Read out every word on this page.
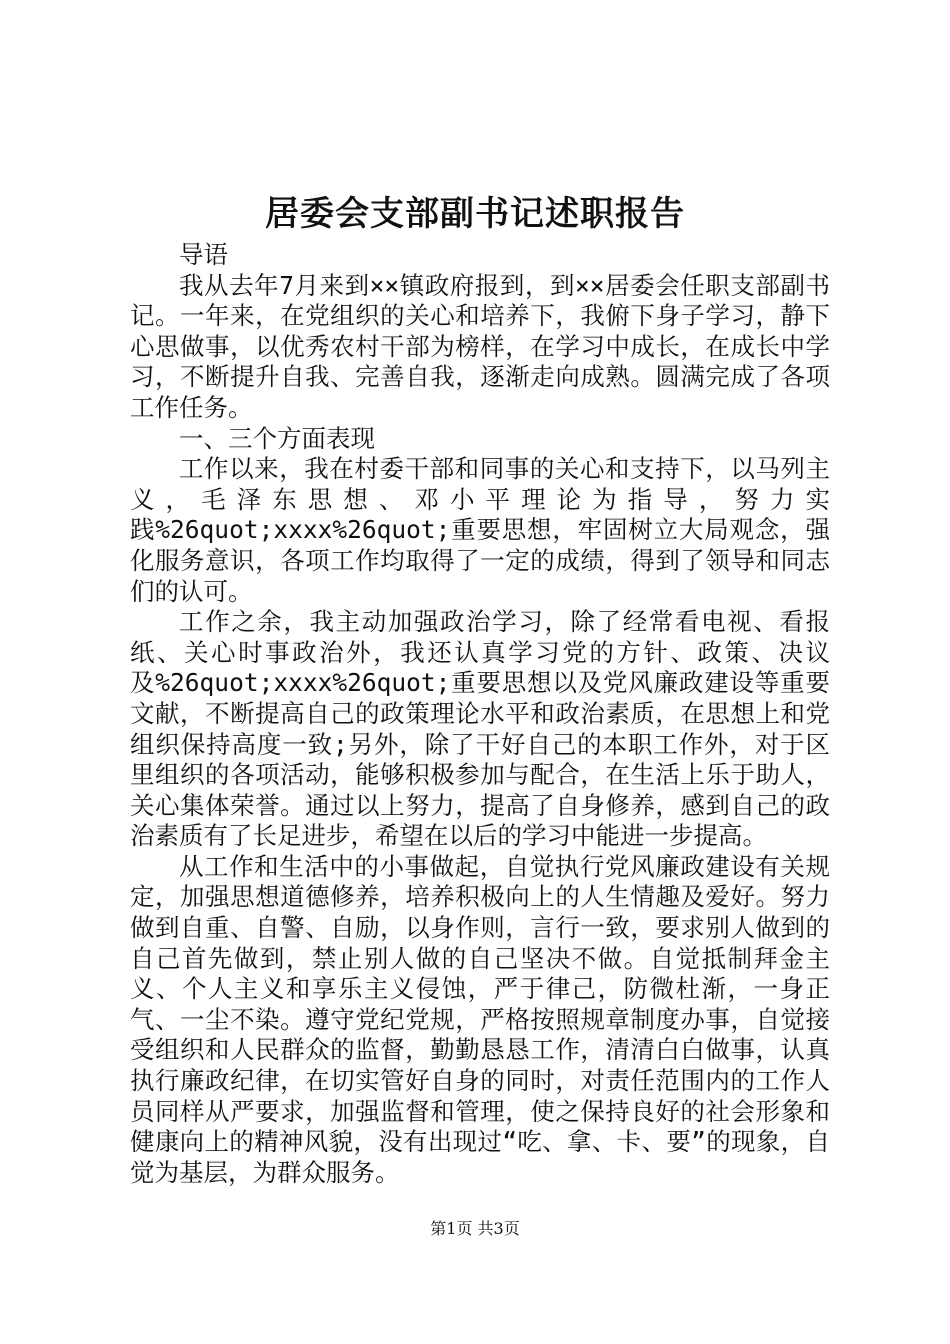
居委会支部副书记述职报告

导语

我从去年7月来到××镇政府报到，到××居委会任职支部副书记。一年来，在党组织的关心和培养下，我俯下身子学习，静下心思做事，以优秀农村干部为榜样，在学习中成长，在成长中学习，不断提升自我、完善自我，逐渐走向成熟。圆满完成了各项工作任务。

一、三个方面表现

工作以来，我在村委干部和同事的关心和支持下，以马列主义，毛泽东思想、邓小平理论为指导，努力实践%26quot;xxxx%26quot;重要思想，牢固树立大局观念，强化服务意识，各项工作均取得了一定的成绩，得到了领导和同志们的认可。

工作之余，我主动加强政治学习，除了经常看电视、看报纸、关心时事政治外，我还认真学习党的方针、政策、决议及%26quot;xxxx%26quot;重要思想以及党风廉政建设等重要文献，不断提高自己的政策理论水平和政治素质，在思想上和党组织保持高度一致;另外，除了干好自己的本职工作外，对于区里组织的各项活动，能够积极参加与配合，在生活上乐于助人，关心集体荣誉。通过以上努力，提高了自身修养，感到自己的政治素质有了长足进步，希望在以后的学习中能进一步提高。

从工作和生活中的小事做起，自觉执行党风廉政建设有关规定，加强思想道德修养，培养积极向上的人生情趣及爱好。努力做到自重、自警、自励，以身作则，言行一致，要求别人做到的自己首先做到，禁止别人做的自己坚决不做。自觉抵制拜金主义、个人主义和享乐主义侵蚀，严于律己，防微杜渐，一身正气、一尘不染。遵守党纪党规，严格按照规章制度办事，自觉接受组织和人民群众的监督，勤勤恳恳工作，清清白白做事，认真执行廉政纪律，在切实管好自身的同时，对责任范围内的工作人员同样从严要求，加强监督和管理，使之保持良好的社会形象和健康向上的精神风貌，没有出现过“吃、拿、卡、要”的现象，自觉为基层，为群众服务。

第1页 共3页
